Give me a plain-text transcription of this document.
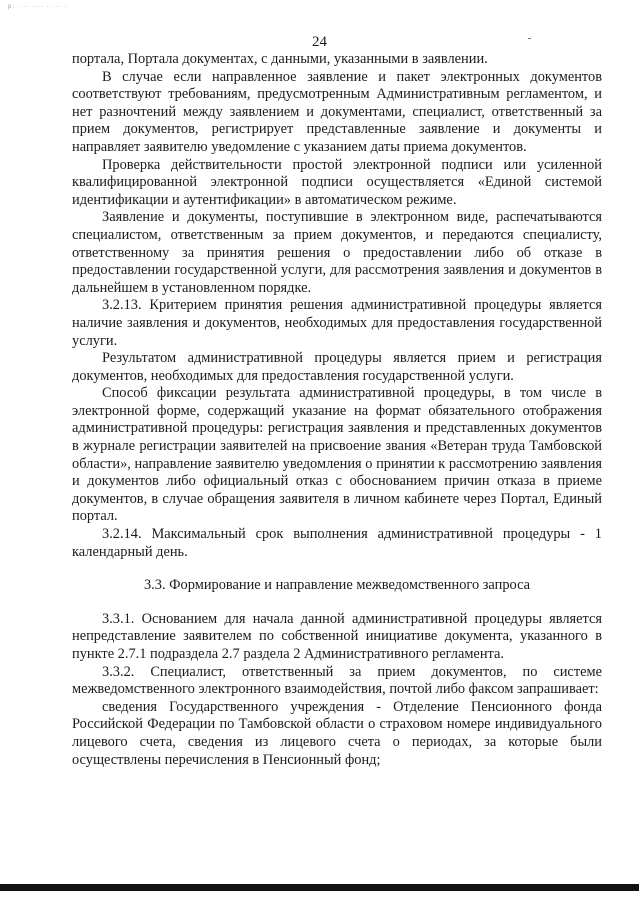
p. · ·· ···· ·· ·· ·
24

портала, Портала документах, с данными, указанными в заявлении.

В случае если направленное заявление и пакет электронных документов соответствуют требованиям, предусмотренным Административным регламентом, и нет разночтений между заявлением и документами, специалист, ответственный за прием документов, регистрирует представленные заявление и документы и направляет заявителю уведомление с указанием даты приема документов.

Проверка действительности простой электронной подписи или усиленной квалифицированной электронной подписи осуществляется «Единой системой идентификации и аутентификации» в автоматическом режиме.

Заявление и документы, поступившие в электронном виде, распечатываются специалистом, ответственным за прием документов, и передаются специалисту, ответственному за принятия решения о предоставлении либо об отказе в предоставлении государственной услуги, для рассмотрения заявления и документов в дальнейшем в установленном порядке.

3.2.13. Критерием принятия решения административной процедуры является наличие заявления и документов, необходимых для предоставления государственной услуги.

Результатом административной процедуры является прием и регистрация документов, необходимых для предоставления государственной услуги.

Способ фиксации результата административной процедуры, в том числе в электронной форме, содержащий указание на формат обязательного отображения административной процедуры: регистрация заявления и представленных документов в журнале регистрации заявителей на присвоение звания «Ветеран труда Тамбовской области», направление заявителю уведомления о принятии к рассмотрению заявления и документов либо официальный отказ с обоснованием причин отказа в приеме документов, в случае обращения заявителя в личном кабинете через Портал, Единый портал.

3.2.14. Максимальный срок выполнения административной процедуры - 1 календарный день.

3.3. Формирование и направление межведомственного запроса

3.3.1. Основанием для начала данной административной процедуры является непредставление заявителем по собственной инициативе документа, указанного в пункте 2.7.1 подраздела 2.7 раздела 2 Административного регламента.

3.3.2. Специалист, ответственный за прием документов, по системе межведомственного электронного взаимодействия, почтой либо факсом запрашивает:

сведения Государственного учреждения - Отделение Пенсионного фонда Российской Федерации по Тамбовской области о страховом номере индивидуального лицевого счета, сведения из лицевого счета о периодах, за которые были осуществлены перечисления в Пенсионный фонд;
